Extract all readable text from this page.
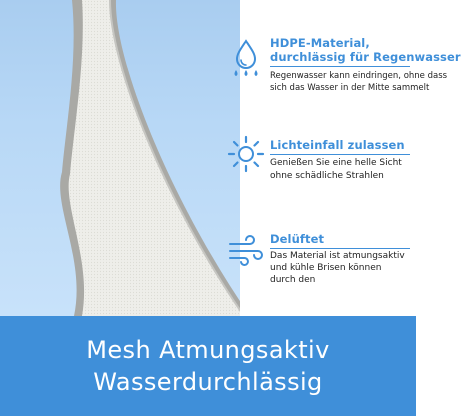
HDPE-Material,
durchlässig für Regenwasser
Regenwasser kann eindringen, ohne dass
sich das Wasser in der Mitte sammelt
Lichteinfall zulassen
Genießen Sie eine helle Sicht
ohne schädliche Strahlen
Delüftet
Das Material ist atmungsaktiv
und kühle Brisen können
durch den
Mesh Atmungsaktiv
Wasserdurchlässig
